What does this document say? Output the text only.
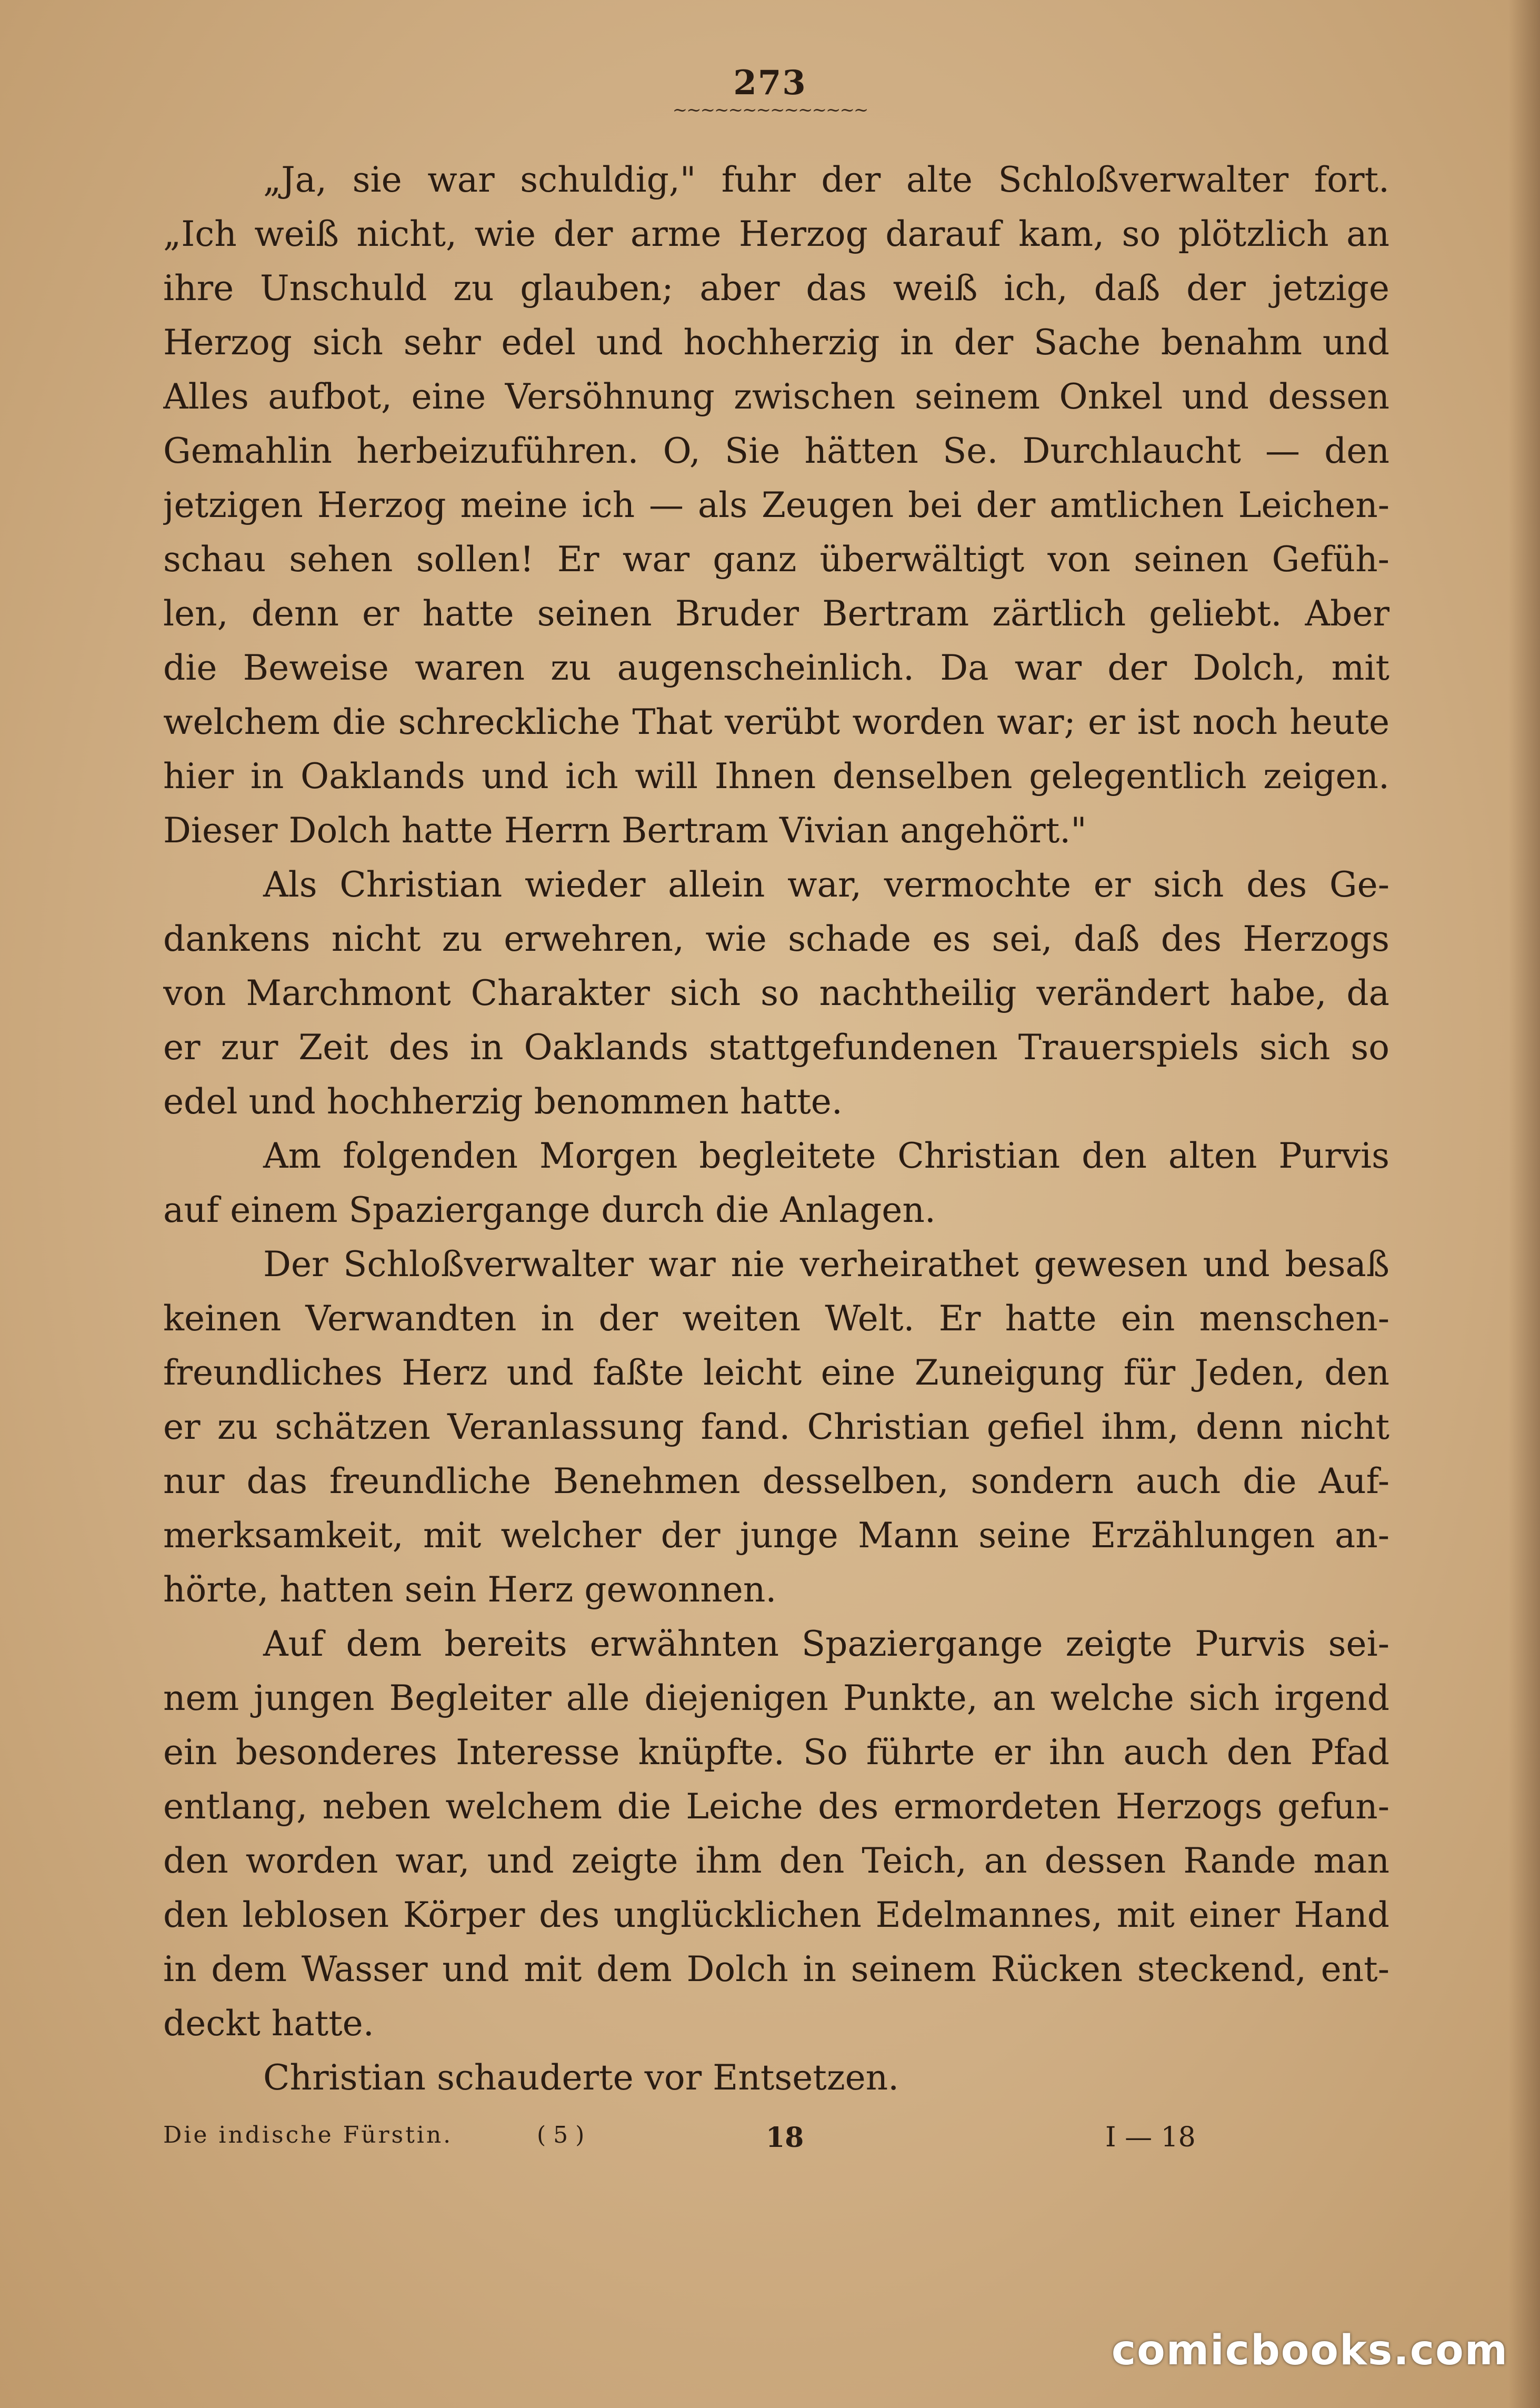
273
~~~~~~~~~~~~~~
„Ja, sie war schuldig," fuhr der alte Schloßverwalter fort.
„Ich weiß nicht, wie der arme Herzog darauf kam, so plötzlich an
ihre Unschuld zu glauben; aber das weiß ich, daß der jetzige
Herzog sich sehr edel und hochherzig in der Sache benahm und
Alles aufbot, eine Versöhnung zwischen seinem Onkel und dessen
Gemahlin herbeizuführen. O, Sie hätten Se. Durchlaucht — den
jetzigen Herzog meine ich — als Zeugen bei der amtlichen Leichen-
schau sehen sollen! Er war ganz überwältigt von seinen Gefüh-
len, denn er hatte seinen Bruder Bertram zärtlich geliebt. Aber
die Beweise waren zu augenscheinlich. Da war der Dolch, mit
welchem die schreckliche That verübt worden war; er ist noch heute
hier in Oaklands und ich will Ihnen denselben gelegentlich zeigen.
Dieser Dolch hatte Herrn Bertram Vivian angehört."
Als Christian wieder allein war, vermochte er sich des Ge-
dankens nicht zu erwehren, wie schade es sei, daß des Herzogs
von Marchmont Charakter sich so nachtheilig verändert habe, da
er zur Zeit des in Oaklands stattgefundenen Trauerspiels sich so
edel und hochherzig benommen hatte.
Am folgenden Morgen begleitete Christian den alten Purvis
auf einem Spaziergange durch die Anlagen.
Der Schloßverwalter war nie verheirathet gewesen und besaß
keinen Verwandten in der weiten Welt. Er hatte ein menschen-
freundliches Herz und faßte leicht eine Zuneigung für Jeden, den
er zu schätzen Veranlassung fand. Christian gefiel ihm, denn nicht
nur das freundliche Benehmen desselben, sondern auch die Auf-
merksamkeit, mit welcher der junge Mann seine Erzählungen an-
hörte, hatten sein Herz gewonnen.
Auf dem bereits erwähnten Spaziergange zeigte Purvis sei-
nem jungen Begleiter alle diejenigen Punkte, an welche sich irgend
ein besonderes Interesse knüpfte. So führte er ihn auch den Pfad
entlang, neben welchem die Leiche des ermordeten Herzogs gefun-
den worden war, und zeigte ihm den Teich, an dessen Rande man
den leblosen Körper des unglücklichen Edelmannes, mit einer Hand
in dem Wasser und mit dem Dolch in seinem Rücken steckend, ent-
deckt hatte.
Christian schauderte vor Entsetzen.
Die indische Fürstin.	( 5 )	18	I — 18
comicbooks.com
